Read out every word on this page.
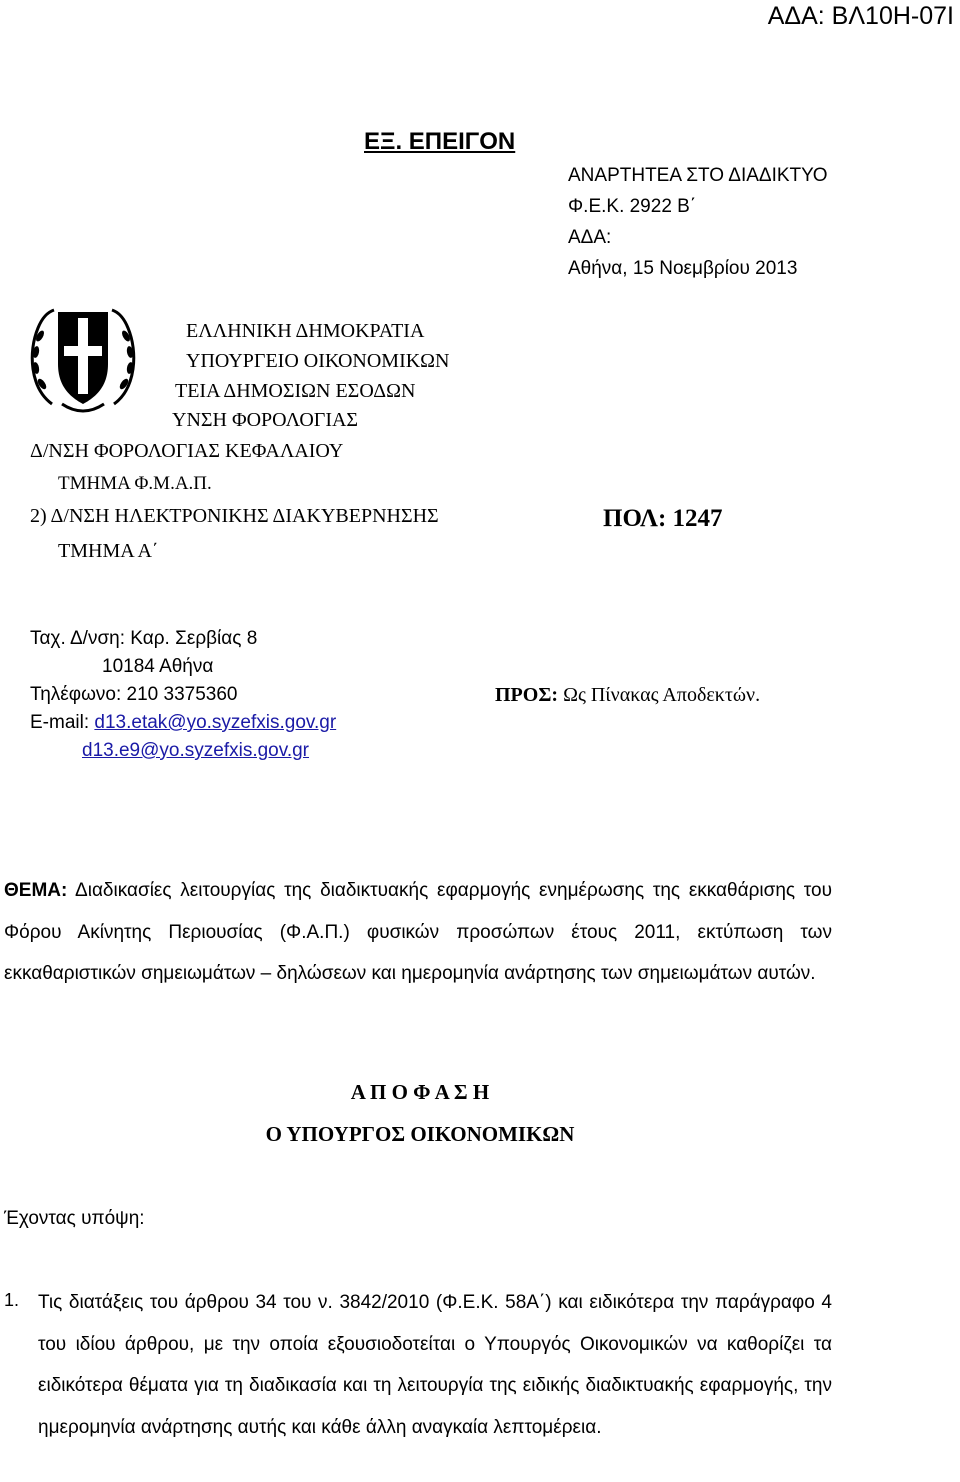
ΑΔΑ: ΒΛ10Η-07Ι
ΕΞ. ΕΠΕΙΓΟΝ
ΑΝΑΡΤΗΤΕΑ ΣΤΟ ΔΙΑΔΙΚΤΥΟ
Φ.Ε.Κ. 2922 Β΄
ΑΔΑ:
Αθήνα, 15 Νοεμβρίου 2013
ΕΛΛΗΝΙΚΗ ΔΗΜΟΚΡΑΤΙΑ
ΥΠΟΥΡΓΕΙΟ ΟΙΚΟΝΟΜΙΚΩΝ
ΤΕΙΑ ΔΗΜΟΣΙΩΝ ΕΣΟΔΩΝ
ΥΝΣΗ ΦΟΡΟΛΟΓΙΑΣ
Δ/ΝΣΗ ΦΟΡΟΛΟΓΙΑΣ ΚΕΦΑΛΑΙΟΥ
ΤΜΗΜΑ Φ.Μ.Α.Π.
2) Δ/ΝΣΗ ΗΛΕΚΤΡΟΝΙΚΗΣ ΔΙΑΚΥΒΕΡΝΗΣΗΣ
ΤΜΗΜΑ Α΄
ΠΟΛ: 1247
Ταχ. Δ/νση: Καρ. Σερβίας 8
10184 Αθήνα
Τηλέφωνο: 210 3375360
E-mail: d13.etak@yo.syzefxis.gov.gr
d13.e9@yo.syzefxis.gov.gr
ΠΡΟΣ: Ως Πίνακας Αποδεκτών.
ΘΕΜΑ: Διαδικασίες λειτουργίας της διαδικτυακής εφαρμογής ενημέρωσης της εκκαθάρισης του Φόρου Ακίνητης Περιουσίας (Φ.Α.Π.) φυσικών προσώπων έτους 2011, εκτύπωση των εκκαθαριστικών σημειωμάτων – δηλώσεων και ημερομηνία ανάρτησης των σημειωμάτων αυτών.
Α Π Ο Φ Α Σ Η
Ο ΥΠΟΥΡΓΟΣ ΟΙΚΟΝΟΜΙΚΩΝ
Έχοντας υπόψη:
1. Τις διατάξεις του άρθρου 34 του ν. 3842/2010 (Φ.Ε.Κ. 58Α΄) και ειδικότερα την παράγραφο 4 του ιδίου άρθρου, με την οποία εξουσιοδοτείται ο Υπουργός Οικονομικών να καθορίζει τα ειδικότερα θέματα για τη διαδικασία και τη λειτουργία της ειδικής διαδικτυακής εφαρμογής, την ημερομηνία ανάρτησης αυτής και κάθε άλλη αναγκαία λεπτομέρεια.
